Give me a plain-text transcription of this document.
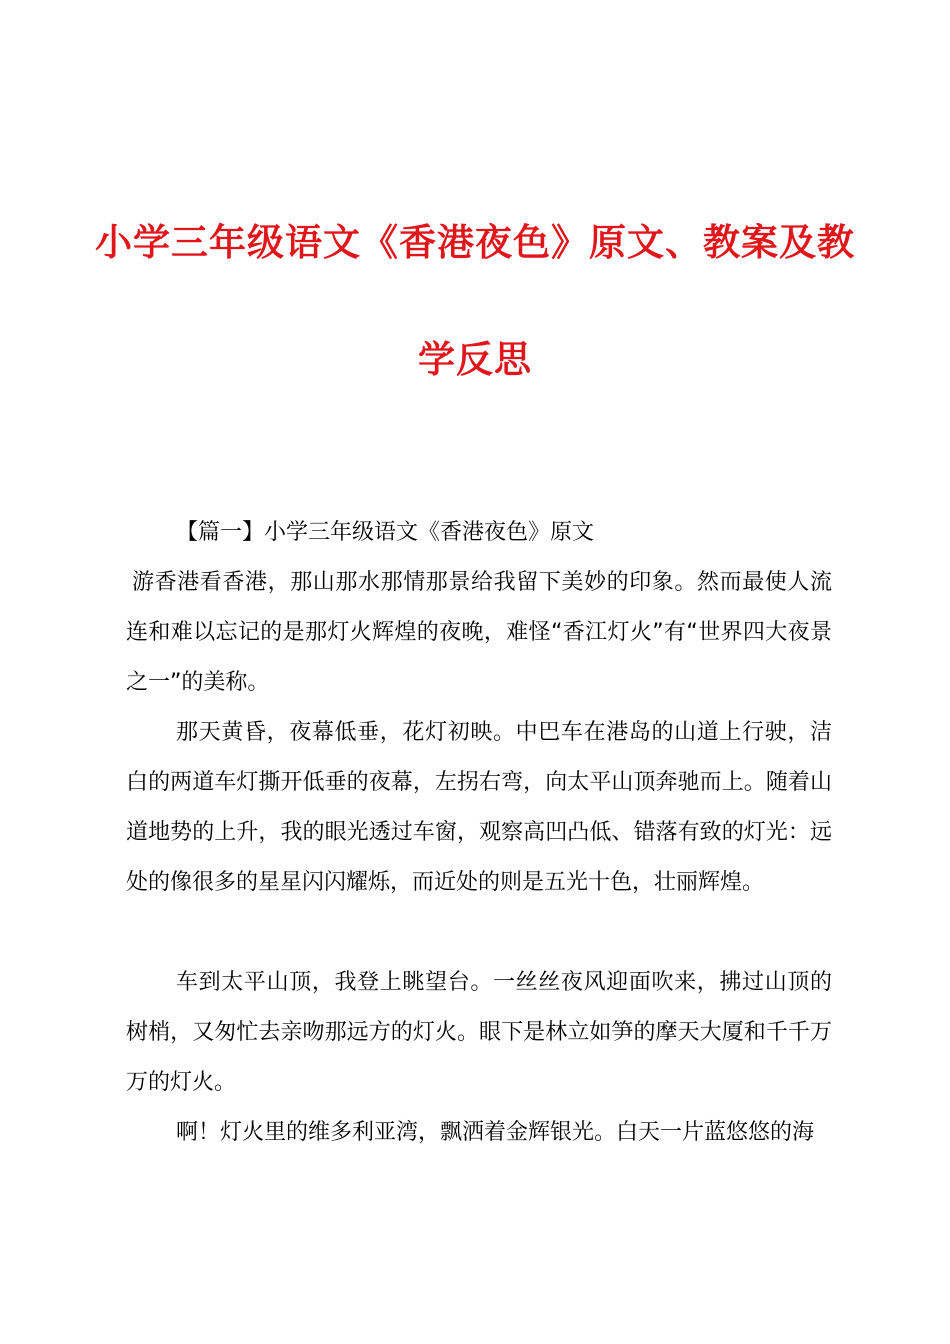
小学三年级语文《香港夜色》原文、教案及教
学反思
【篇一】小学三年级语文《香港夜色》原文

游香港看香港，那山那水那情那景给我留下美妙的印象。然而最使人流连和难以忘记的是那灯火辉煌的夜晚，难怪“香江灯火”有“世界四大夜景之一”的美称。

那天黄昏，夜幕低垂，花灯初映。中巴车在港岛的山道上行驶，洁白的两道车灯撕开低垂的夜幕，左拐右弯，向太平山顶奔驰而上。随着山道地势的上升，我的眼光透过车窗，观察高凹凸低、错落有致的灯光：远处的像很多的星星闪闪耀烁，而近处的则是五光十色，壮丽辉煌。

车到太平山顶，我登上眺望台。一丝丝夜风迎面吹来，拂过山顶的树梢，又匆忙去亲吻那远方的灯火。眼下是林立如笋的摩天大厦和千千万万的灯火。

啊！灯火里的维多利亚湾，飘洒着金辉银光。白天一片蓝悠悠的海
